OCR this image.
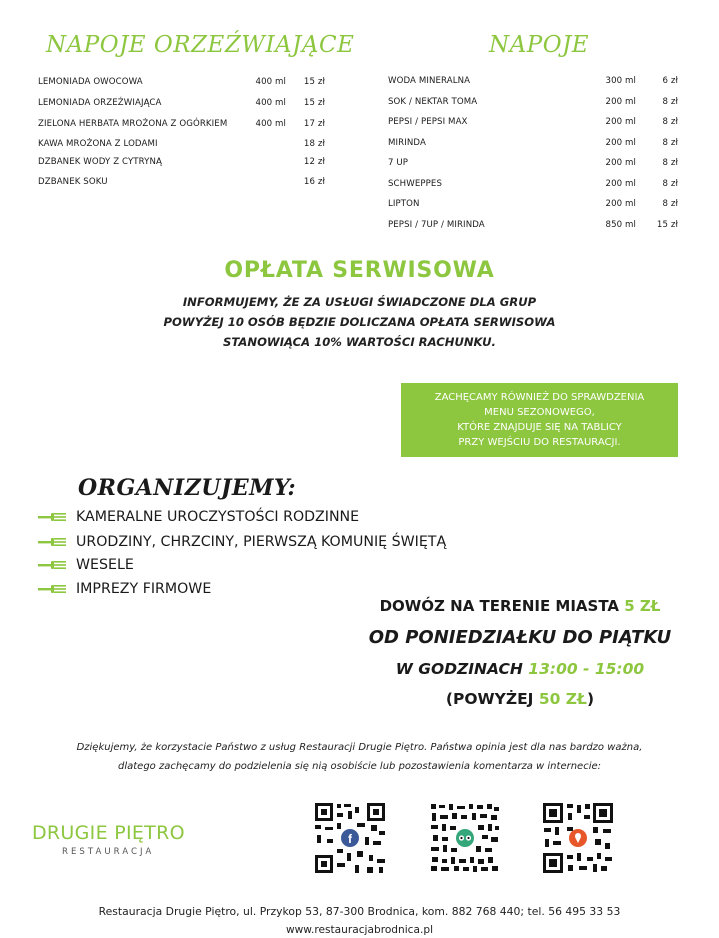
NAPOJE ORZEŹWIAJĄCE	NAPOJE
LEMONIADA OWOCOWA	400 ml	15 zł
LEMONIADA ORZEŹWIAJĄCA	400 ml	15 zł
ZIELONA HERBATA MROŻONA Z OGÓRKIEM	400 ml	17 zł
KAWA MROŻONA Z LODAMI	18 zł
DZBANEK WODY Z CYTRYNĄ	12 zł
DZBANEK SOKU	16 zł
WODA MINERALNA	300 ml	6 zł
SOK / NEKTAR TOMA	200 ml	8 zł
PEPSI / PEPSI MAX	200 ml	8 zł
MIRINDA	200 ml	8 zł
7 UP	200 ml	8 zł
SCHWEPPES	200 ml	8 zł
LIPTON	200 ml	8 zł
PEPSI / 7UP / MIRINDA	850 ml	15 zł
OPŁATA SERWISOWA
INFORMUJEMY, ŻE ZA USŁUGI ŚWIADCZONE DLA GRUP
POWYŻEJ 10 OSÓB BĘDZIE DOLICZANA OPŁATA SERWISOWA
STANOWIĄCA 10% WARTOŚCI RACHUNKU.
ZACHĘCAMY RÓWNIEŻ DO SPRAWDZENIA
MENU SEZONOWEGO,
KTÓRE ZNAJDUJE SIĘ NA TABLICY
PRZY WEJŚCIU DO RESTAURACJI.
ORGANIZUJEMY:
KAMERALNE UROCZYSTOŚCI RODZINNE
URODZINY, CHRZCINY, PIERWSZĄ KOMUNIĘ ŚWIĘTĄ
WESELE
IMPREZY FIRMOWE
DOWÓZ NA TERENIE MIASTA 5 ZŁ
OD PONIEDZIAŁKU DO PIĄTKU
W GODZINACH 13:00 - 15:00
(POWYŻEJ 50 ZŁ)
Dziękujemy, że korzystacie Państwo z usług Restauracji Drugie Piętro. Państwa opinia jest dla nas bardzo ważna,
dlatego zachęcamy do podzielenia się nią osobiście lub pozostawienia komentarza w internecie:
DRUGIE PIĘTRO
RESTAURACJA
f
Restauracja Drugie Piętro, ul. Przykop 53, 87-300 Brodnica, kom. 882 768 440; tel. 56 495 33 53
www.restauracjabrodnica.pl
